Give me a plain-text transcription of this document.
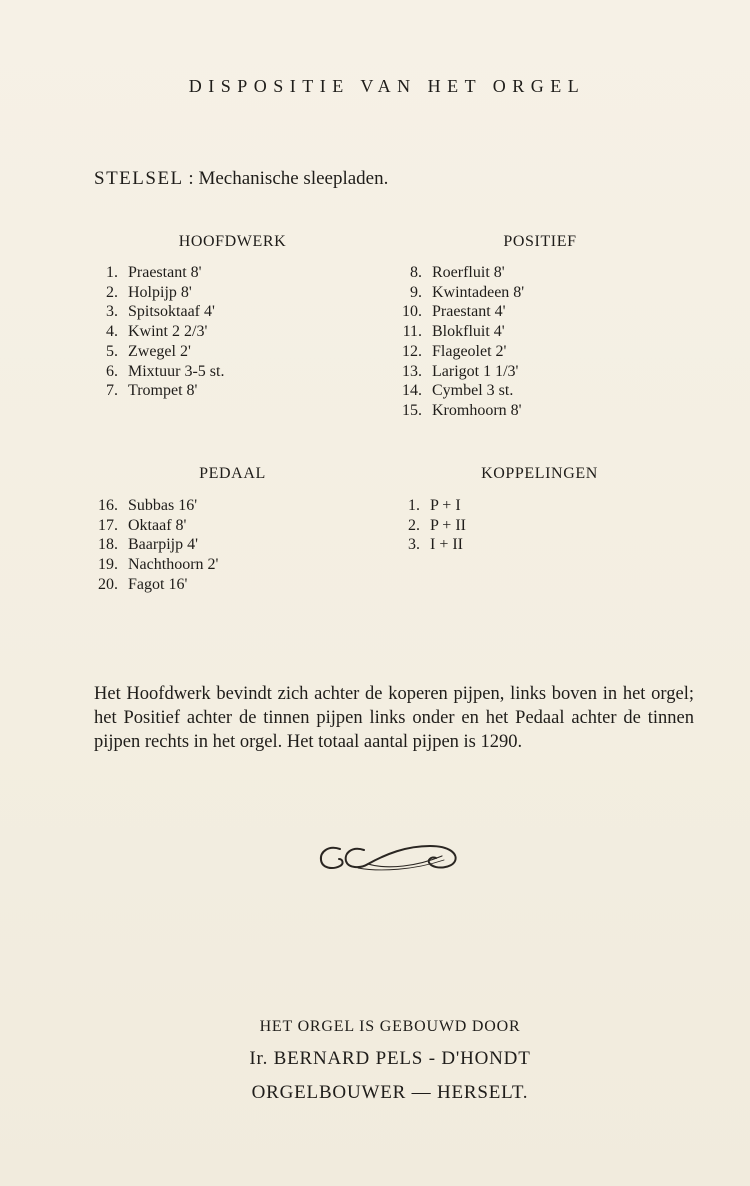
DISPOSITIE VAN HET ORGEL
STELSEL : Mechanische sleepladen.
HOOFDWERK
1. Praestant 8'
2. Holpijp 8'
3. Spitsoktaaf 4'
4. Kwint 2 2/3'
5. Zwegel 2'
6. Mixtuur 3-5 st.
7. Trompet 8'
POSITIEF
8. Roerfluit 8'
9. Kwintadeen 8'
10. Praestant 4'
11. Blokfluit 4'
12. Flageolet 2'
13. Larigot 1 1/3'
14. Cymbel 3 st.
15. Kromhoorn 8'
PEDAAL
16. Subbas 16'
17. Oktaaf 8'
18. Baarpijp 4'
19. Nachthoorn 2'
20. Fagot 16'
KOPPELINGEN
1. P + I
2. P + II
3. I + II
Het Hoofdwerk bevindt zich achter de koperen pijpen, links boven in het orgel; het Positief achter de tinnen pijpen links onder en het Pedaal achter de tinnen pijpen rechts in het orgel. Het totaal aantal pijpen is 1290.
HET ORGEL IS GEBOUWD DOOR
Ir. BERNARD PELS - D'HONDT
ORGELBOUWER — HERSELT.
